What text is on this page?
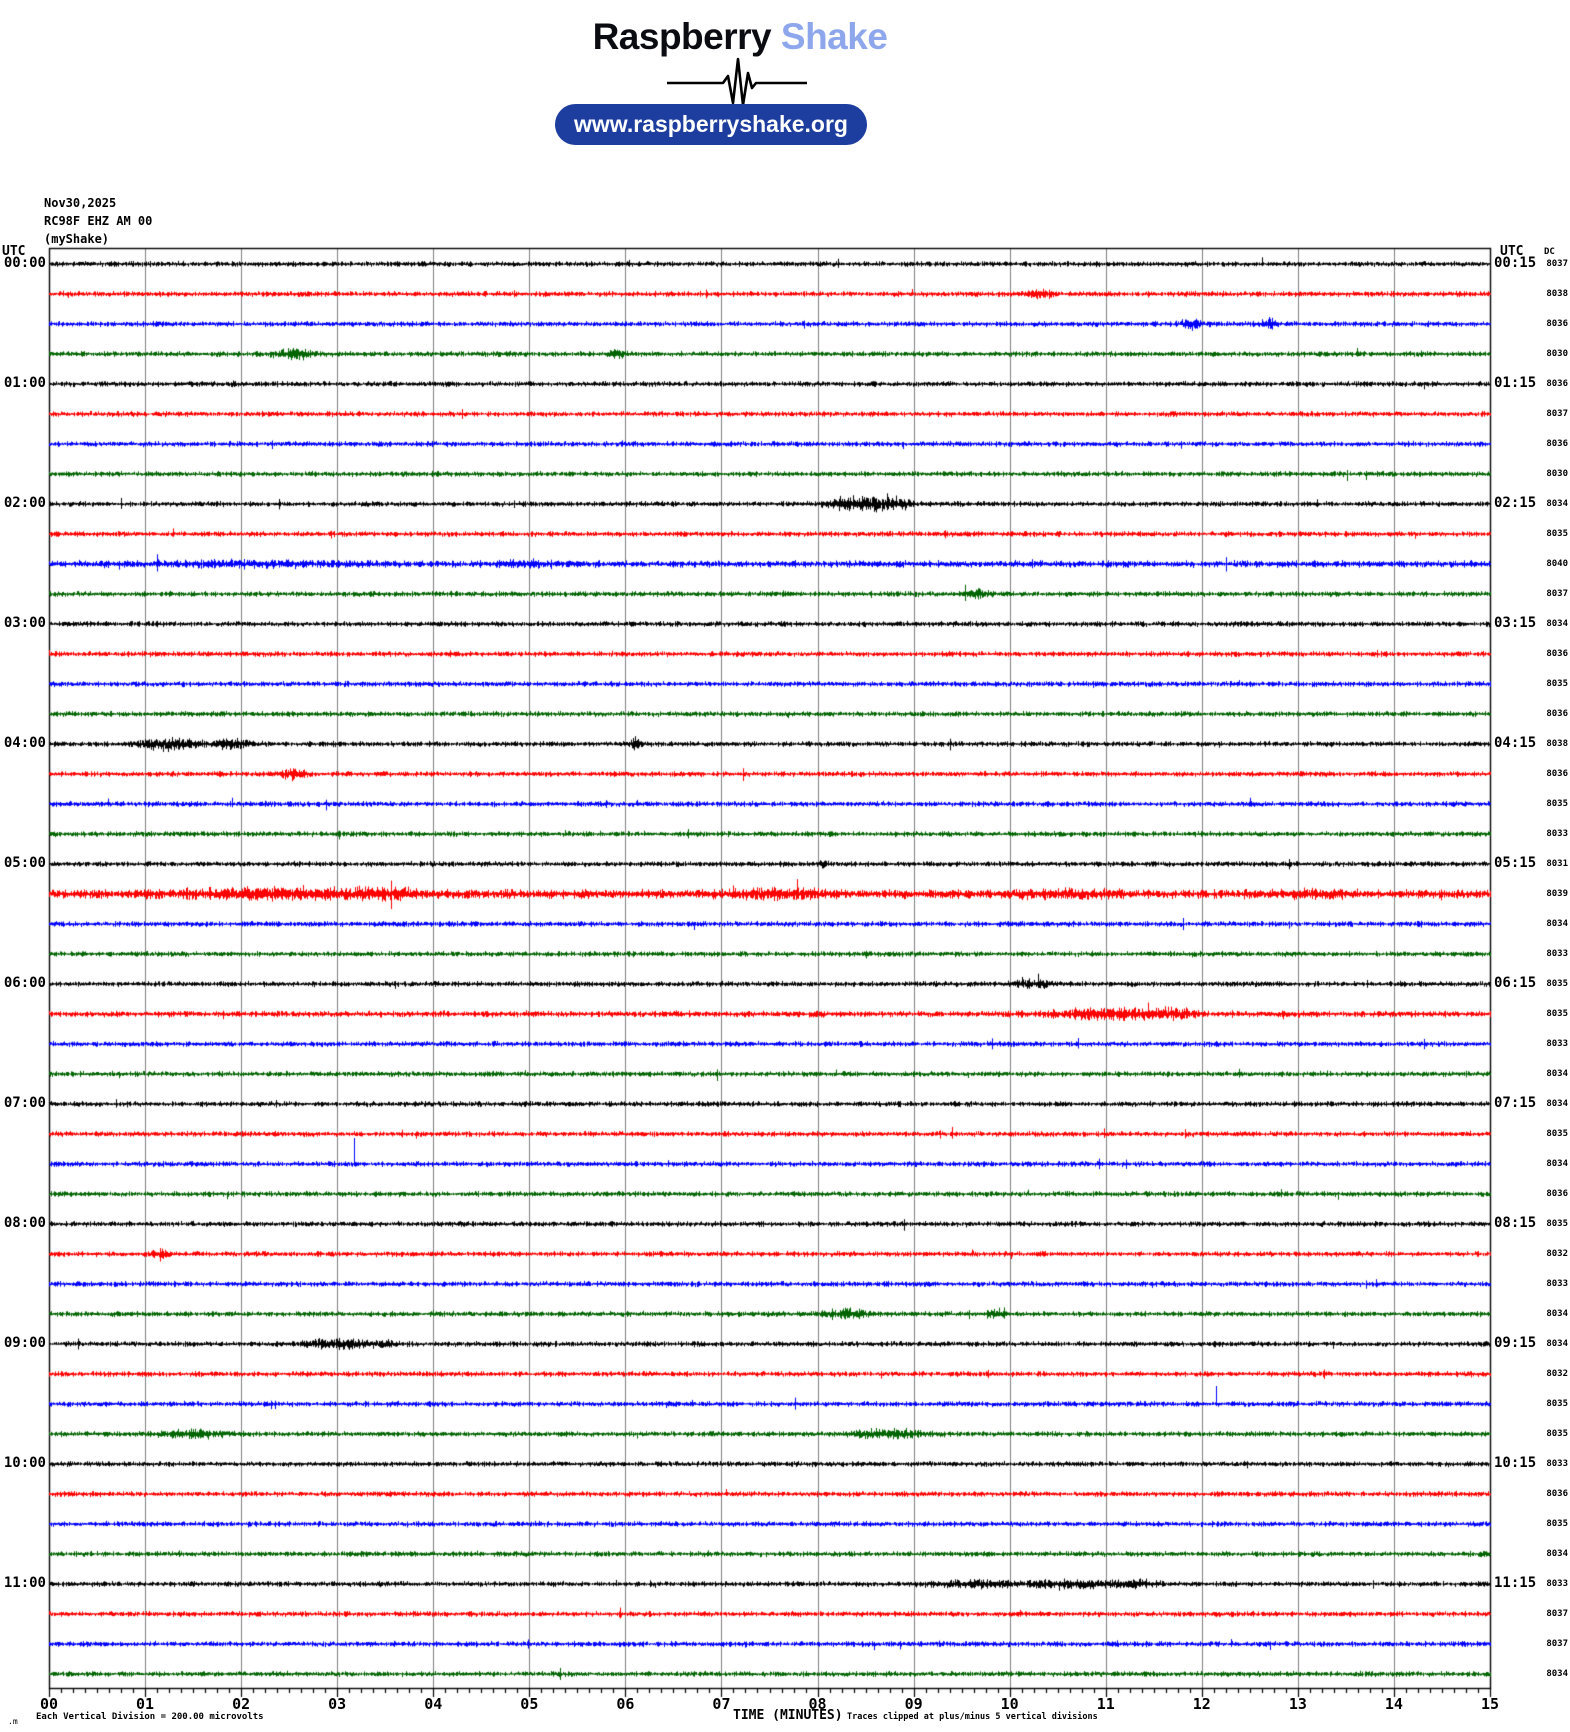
UTC	UTC DC
00:00	00:15	8037
8038
8036
8030
01:00	01:15	8036
8037
8036
8030
02:00	02:15	8034
8035
8040
8037
03:00	03:15	8034
8036
8035
8036
04:00	04:15	8038
8036
8035
8033
05:00	05:15	8031
8039
8034
8033
06:00	06:15	8035
8035
8033
8034
07:00	07:15	8034
8035
8034
8036
08:00	08:15	8035
8032
8033
8034
09:00	09:15	8034
8032
8035
8035
10:00	10:15	8033
8036
8035
8034
11:00	11:15	8033
8037
8037
8034
00	01	02	03	04	05	06	07	08	09	10	11	12	13	14	15
.m Each Vertical Division = 200.00 microvolts	TIME (MINUTES) Traces clipped at plus/minus 5 vertical divisions
